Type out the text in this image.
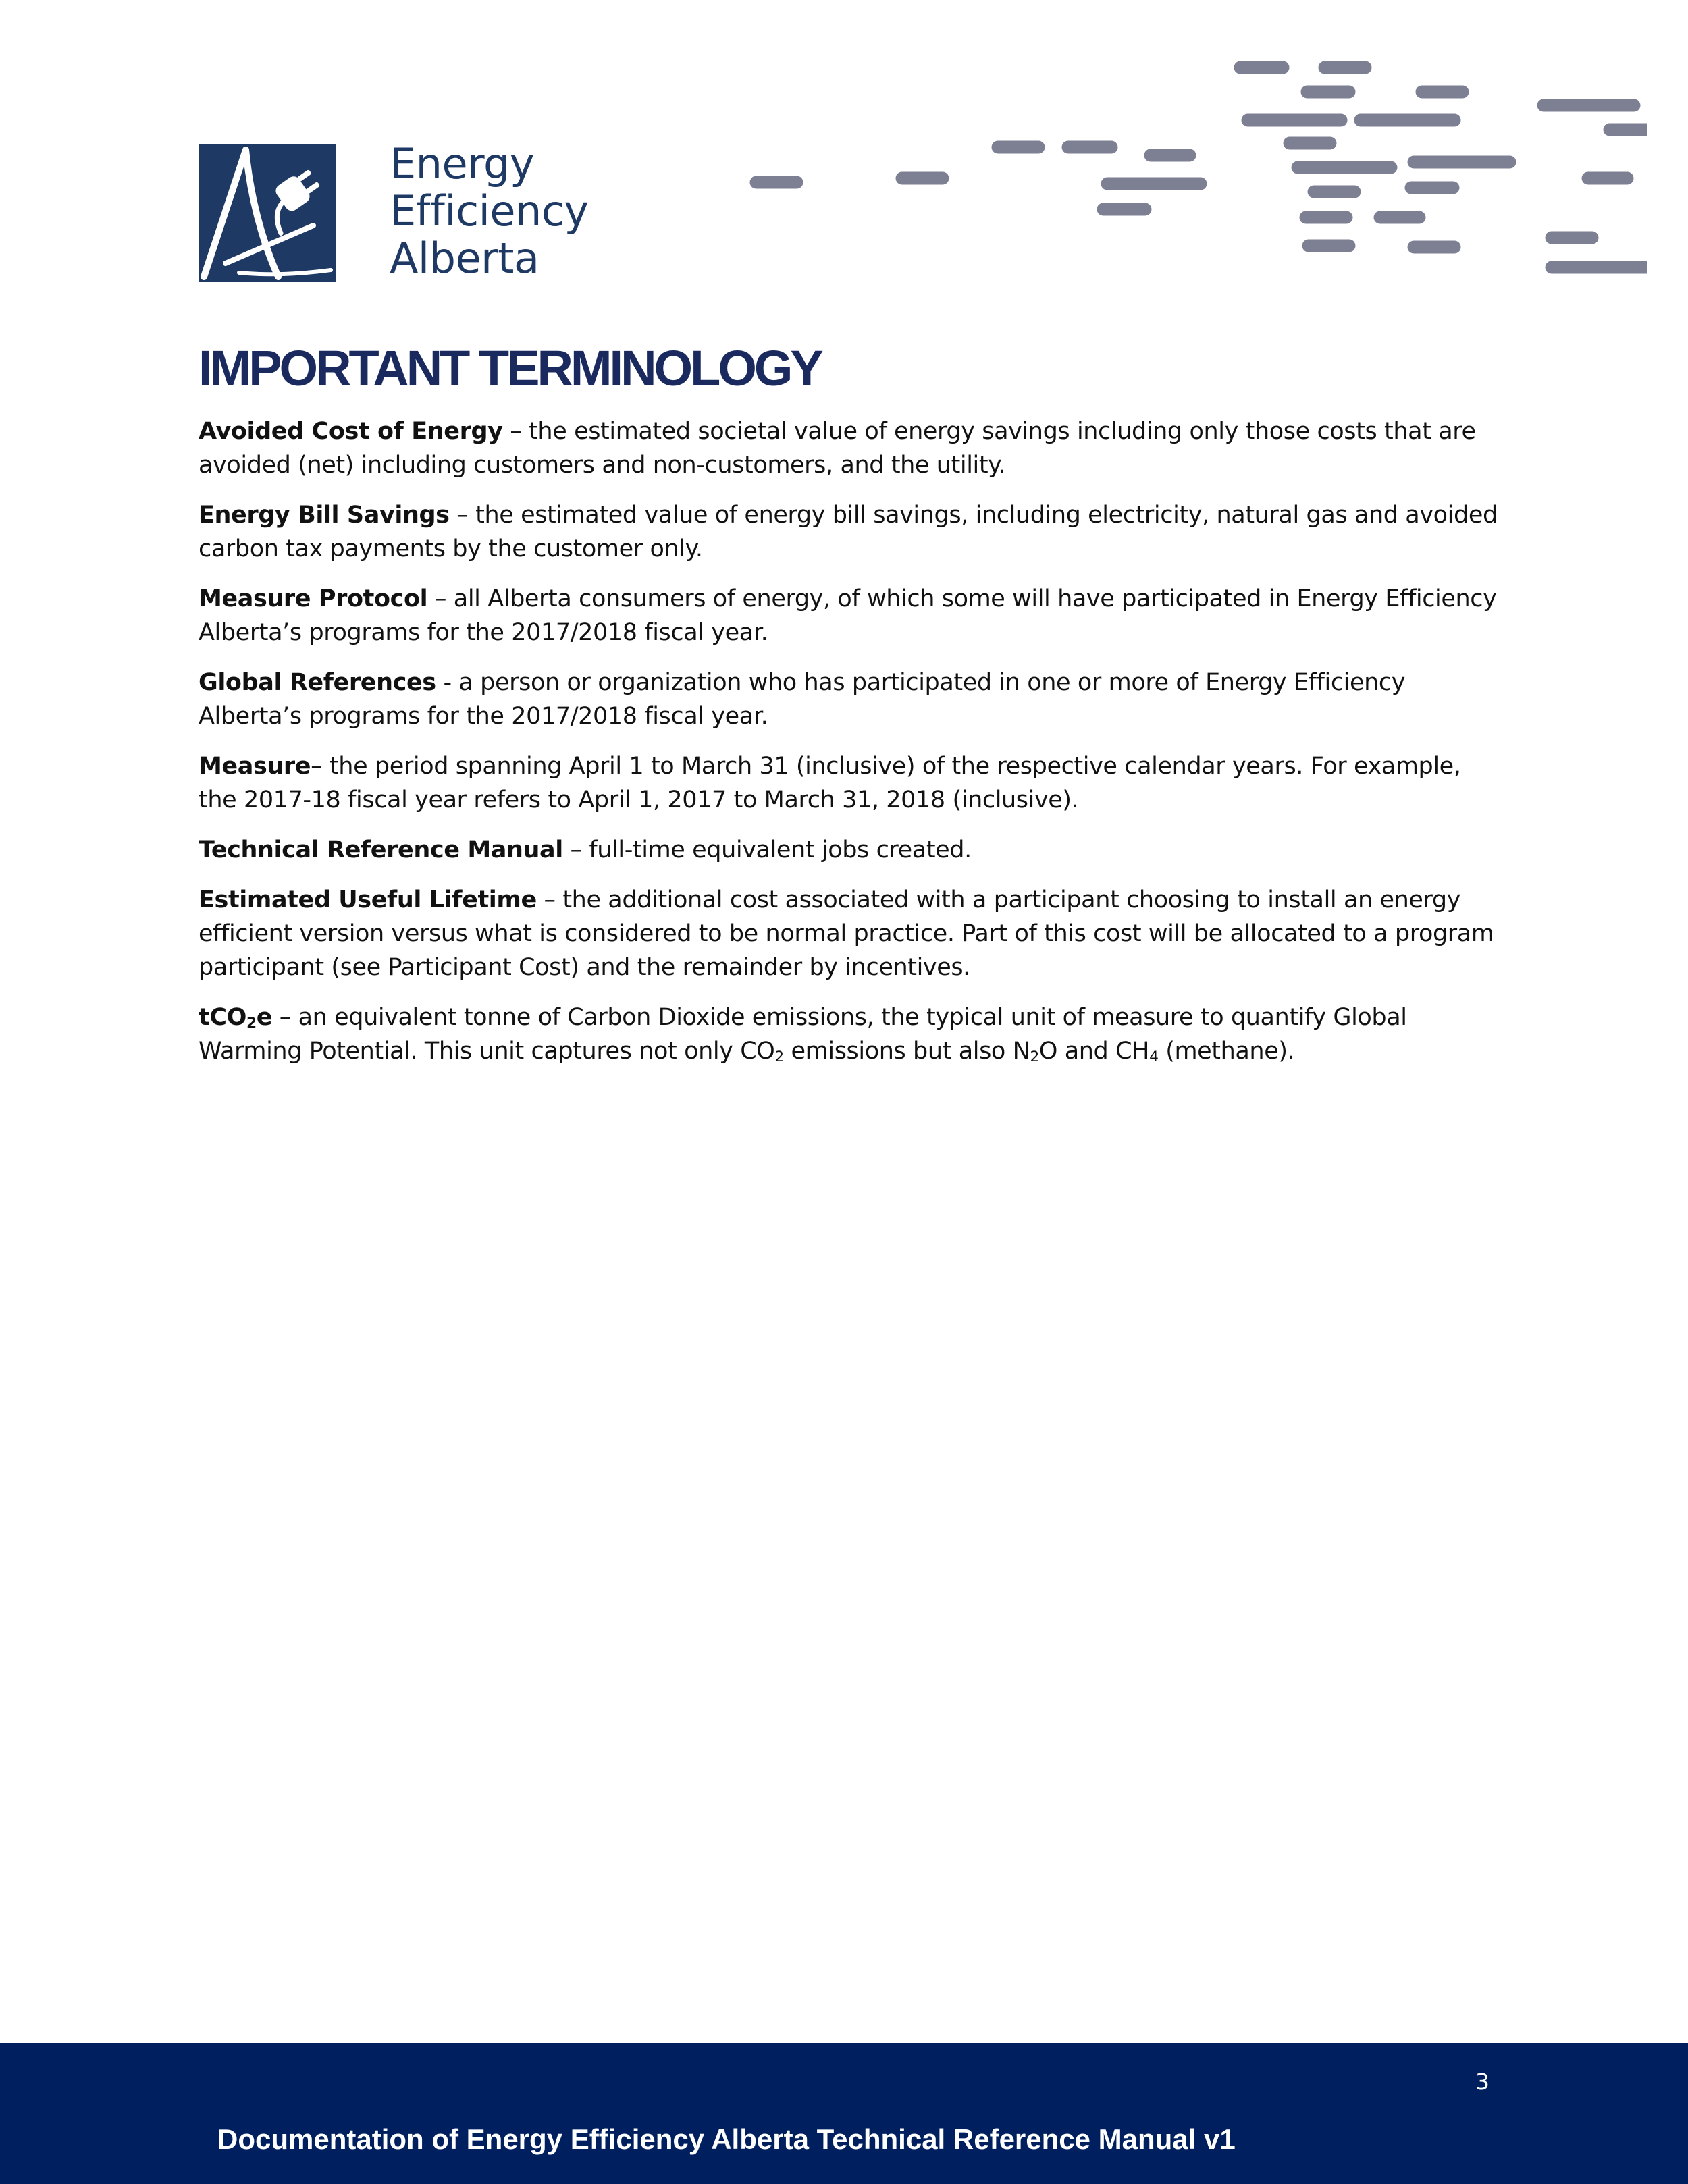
Energy
Efficiency
Alberta
IMPORTANT TERMINOLOGY

Avoided Cost of Energy – the estimated societal value of energy savings including only those costs that are avoided (net) including customers and non-customers, and the utility.

Energy Bill Savings – the estimated value of energy bill savings, including electricity, natural gas and avoided carbon tax payments by the customer only.

Measure Protocol – all Alberta consumers of energy, of which some will have participated in Energy Efficiency Alberta’s programs for the 2017/2018 fiscal year.

Global References - a person or organization who has participated in one or more of Energy Efficiency Alberta’s programs for the 2017/2018 fiscal year.

Measure– the period spanning April 1 to March 31 (inclusive) of the respective calendar years. For example, the 2017-18 fiscal year refers to April 1, 2017 to March 31, 2018 (inclusive).

Technical Reference Manual – full-time equivalent jobs created.

Estimated Useful Lifetime – the additional cost associated with a participant choosing to install an energy efficient version versus what is considered to be normal practice. Part of this cost will be allocated to a program participant (see Participant Cost) and the remainder by incentives.

tCO2e – an equivalent tonne of Carbon Dioxide emissions, the typical unit of measure to quantify Global Warming Potential. This unit captures not only CO2 emissions but also N2O and CH4 (methane).

3
Documentation of Energy Efficiency Alberta Technical Reference Manual v1
